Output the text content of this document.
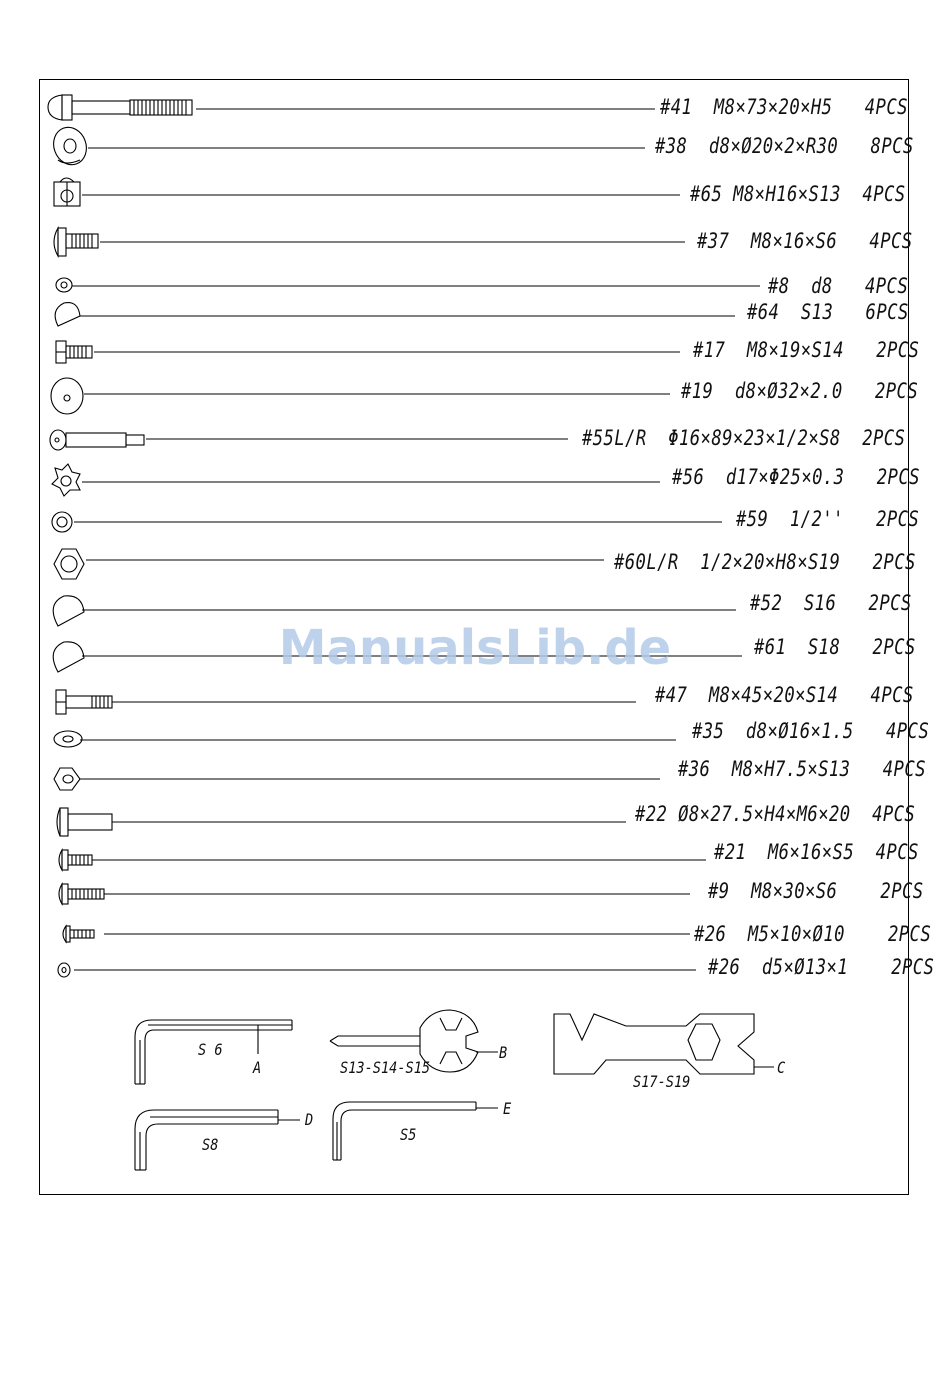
#41  M8×73×20×H5   4PCS
#38  d8×Ø20×2×R30   8PCS
#65 M8×H16×S13  4PCS
#37  M8×16×S6   4PCS
#8  d8   4PCS
#64  S13   6PCS
#17  M8×19×S14   2PCS
#19  d8×Ø32×2.0   2PCS
#55L/R  Φ16×89×23×1/2×S8  2PCS
#56  d17×Φ25×0.3   2PCS
#59  1/2''   2PCS
#60L/R  1/2×20×H8×S19   2PCS
#52  S16   2PCS
#61  S18   2PCS
#47  M8×45×20×S14   4PCS
#35  d8×Ø16×1.5   4PCS
#36  M8×H7.5×S13   4PCS
#22 Ø8×27.5×H4×M6×20  4PCS
#21  M6×16×S5  4PCS
#9  M8×30×S6    2PCS
#26  M5×10×Ø10    2PCS
#26  d5×Ø13×1    2PCS
S 6
A	S13-S14-S15
B
S17-S19
C
D
S8
S5
E
ManualsLib.de
